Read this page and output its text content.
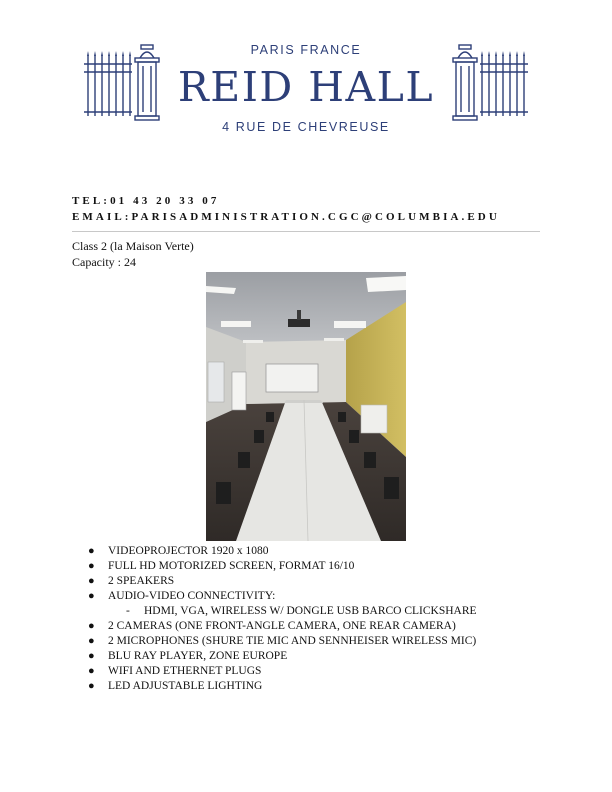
PARIS FRANCE
REID HALL
4 RUE DE CHEVREUSE
TEL:01 43 20 33 07
EMAIL:PARISADMINISTRATION.CGC@COLUMBIA.EDU
Class 2 (la Maison Verte)
Capacity : 24
● VIDEOPROJECTOR 1920 x 1080
● FULL HD MOTORIZED SCREEN, FORMAT 16/10
● 2 SPEAKERS
● AUDIO-VIDEO CONNECTIVITY:
- HDMI, VGA, WIRELESS W/ DONGLE USB BARCO CLICKSHARE
● 2 CAMERAS (ONE FRONT-ANGLE CAMERA, ONE REAR CAMERA)
● 2 MICROPHONES (SHURE TIE MIC AND SENNHEISER WIRELESS MIC)
● BLU RAY PLAYER, ZONE EUROPE
● WIFI AND ETHERNET PLUGS
● LED ADJUSTABLE LIGHTING
